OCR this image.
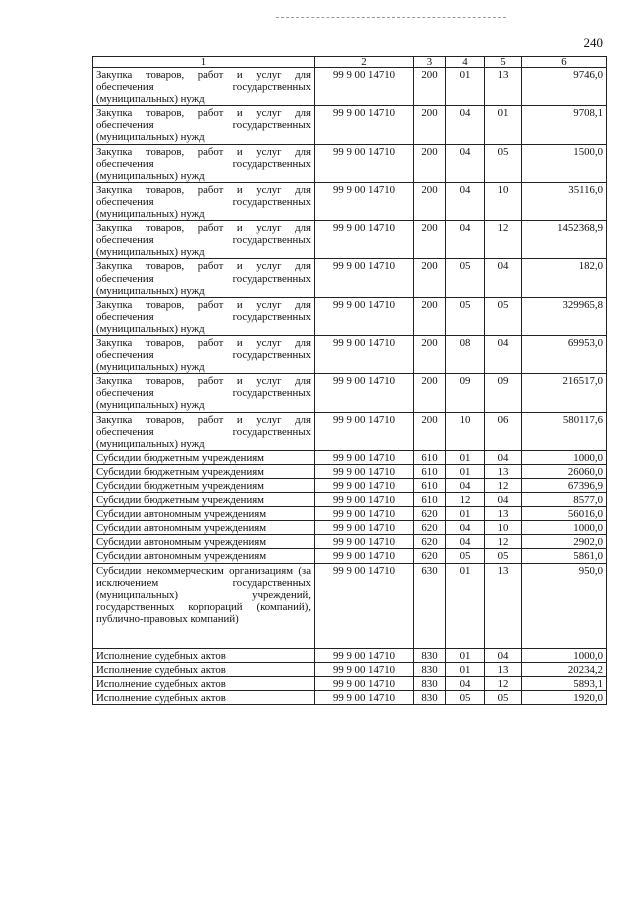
240
1	2	3	4	5	6
Закупка товаров, работ и услуг для обеспечения государственных (муниципальных) нужд	99 9 00 14710	200	01	13	9746,0
Закупка товаров, работ и услуг для обеспечения государственных (муниципальных) нужд	99 9 00 14710	200	04	01	9708,1
Закупка товаров, работ и услуг для обеспечения государственных (муниципальных) нужд	99 9 00 14710	200	04	05	1500,0
Закупка товаров, работ и услуг для обеспечения государственных (муниципальных) нужд	99 9 00 14710	200	04	10	35116,0
Закупка товаров, работ и услуг для обеспечения государственных (муниципальных) нужд	99 9 00 14710	200	04	12	1452368,9
Закупка товаров, работ и услуг для обеспечения государственных (муниципальных) нужд	99 9 00 14710	200	05	04	182,0
Закупка товаров, работ и услуг для обеспечения государственных (муниципальных) нужд	99 9 00 14710	200	05	05	329965,8
Закупка товаров, работ и услуг для обеспечения государственных (муниципальных) нужд	99 9 00 14710	200	08	04	69953,0
Закупка товаров, работ и услуг для обеспечения государственных (муниципальных) нужд	99 9 00 14710	200	09	09	216517,0
Закупка товаров, работ и услуг для обеспечения государственных (муниципальных) нужд	99 9 00 14710	200	10	06	580117,6
Субсидии бюджетным учреждениям	99 9 00 14710	610	01	04	1000,0
Субсидии бюджетным учреждениям	99 9 00 14710	610	01	13	26060,0
Субсидии бюджетным учреждениям	99 9 00 14710	610	04	12	67396,9
Субсидии бюджетным учреждениям	99 9 00 14710	610	12	04	8577,0
Субсидии автономным учреждениям	99 9 00 14710	620	01	13	56016,0
Субсидии автономным учреждениям	99 9 00 14710	620	04	10	1000,0
Субсидии автономным учреждениям	99 9 00 14710	620	04	12	2902,0
Субсидии автономным учреждениям	99 9 00 14710	620	05	05	5861,0
Субсидии некоммерческим организациям (за исключением государственных (муниципальных) учреждений, государственных корпораций (компаний), публично-правовых компаний)	99 9 00 14710	630	01	13	950,0
Исполнение судебных актов	99 9 00 14710	830	01	04	1000,0
Исполнение судебных актов	99 9 00 14710	830	01	13	20234,2
Исполнение судебных актов	99 9 00 14710	830	04	12	5893,1
Исполнение судебных актов	99 9 00 14710	830	05	05	1920,0
